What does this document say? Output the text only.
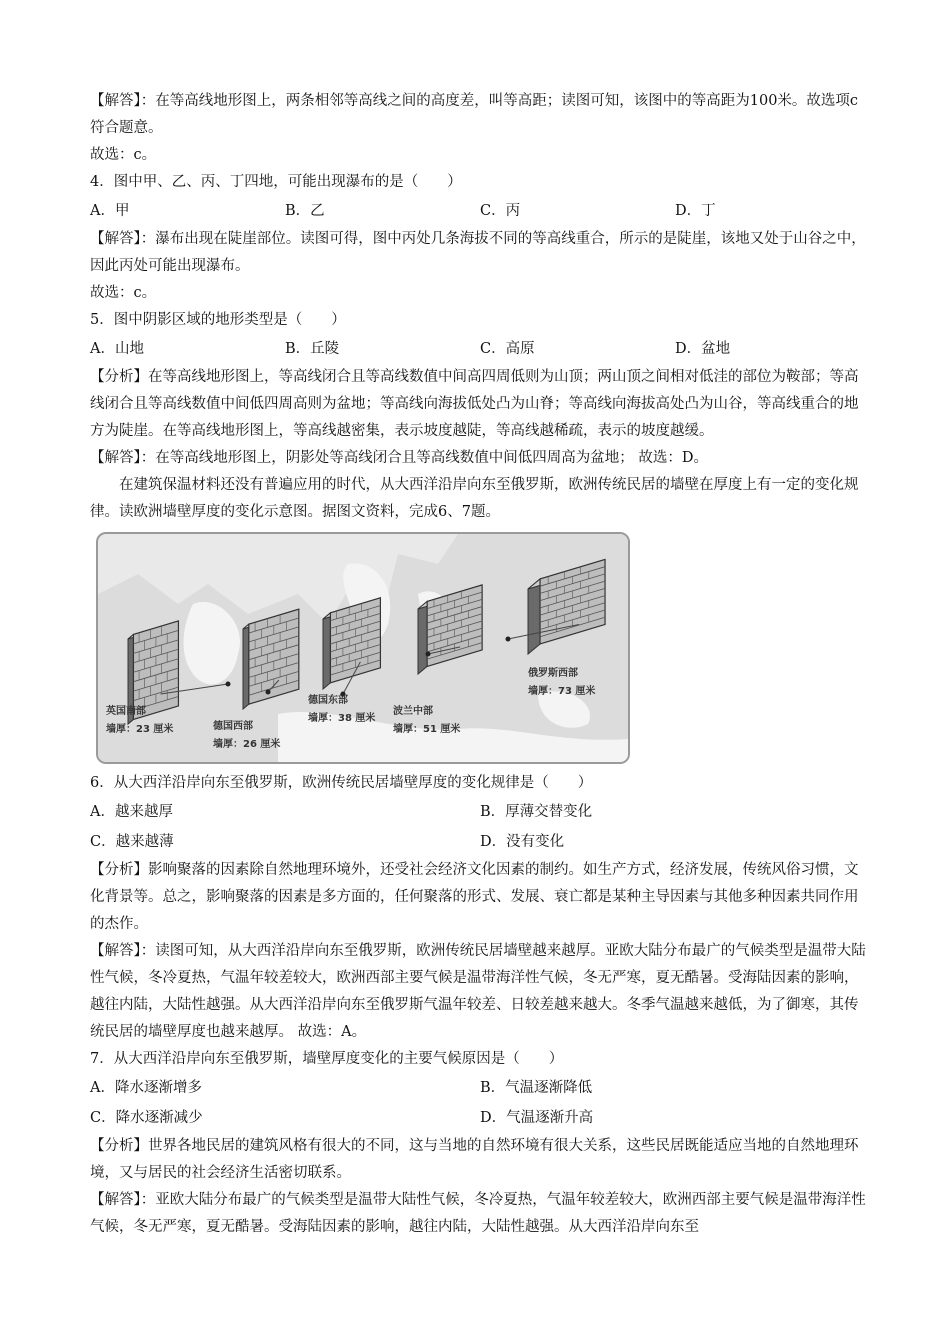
【解答】：在等高线地形图上，两条相邻等高线之间的高度差，叫等高距；读图可知，该图中的等高距为100米。故选项c符合题意。

故选：c。

4．图中甲、乙、丙、丁四地，可能出现瀑布的是（　　）

A．甲	B．乙	C．丙	D．丁

【解答】：瀑布出现在陡崖部位。读图可得，图中丙处几条海拔不同的等高线重合，所示的是陡崖，该地又处于山谷之中，因此丙处可能出现瀑布。

故选：c。

5．图中阴影区域的地形类型是（　　）

A．山地	B．丘陵	C．高原	D．盆地

【分析】在等高线地形图上，等高线闭合且等高线数值中间高四周低则为山顶；两山顶之间相对低洼的部位为鞍部；等高线闭合且等高线数值中间低四周高则为盆地；等高线向海拔低处凸为山脊；等高线向海拔高处凸为山谷，等高线重合的地方为陡崖。在等高线地形图上，等高线越密集，表示坡度越陡，等高线越稀疏，表示的坡度越缓。

【解答】：在等高线地形图上，阴影处等高线闭合且等高线数值中间低四周高为盆地； 故选：D。

在建筑保温材料还没有普遍应用的时代，从大西洋沿岸向东至俄罗斯，欧洲传统民居的墙壁在厚度上有一定的变化规律。读欧洲墙壁厚度的变化示意图。据图文资料，完成6、7题。

英国南部
墙厚：23 厘米	德国西部
墙厚：26 厘米
德国东部
墙厚：38 厘米
波兰中部
墙厚：51 厘米
俄罗斯西部
墙厚：73 厘米

6．从大西洋沿岸向东至俄罗斯，欧洲传统民居墙壁厚度的变化规律是（　　）

A．越来越厚	B．厚薄交替变化
C．越来越薄	D．没有变化

【分析】影响聚落的因素除自然地理环境外，还受社会经济文化因素的制约。如生产方式，经济发展，传统风俗习惯，文化背景等。总之，影响聚落的因素是多方面的，任何聚落的形式、发展、衰亡都是某种主导因素与其他多种因素共同作用的杰作。

【解答】：读图可知，从大西洋沿岸向东至俄罗斯，欧洲传统民居墙壁越来越厚。亚欧大陆分布最广的气候类型是温带大陆性气候，冬冷夏热，气温年较差较大，欧洲西部主要气候是温带海洋性气候，冬无严寒，夏无酷暑。受海陆因素的影响，越往内陆，大陆性越强。从大西洋沿岸向东至俄罗斯气温年较差、日较差越来越大。冬季气温越来越低，为了御寒，其传统民居的墙壁厚度也越来越厚。 故选：A。

7．从大西洋沿岸向东至俄罗斯，墙壁厚度变化的主要气候原因是（　　）

A．降水逐渐增多	B．气温逐渐降低
C．降水逐渐减少	D．气温逐渐升高

【分析】世界各地民居的建筑风格有很大的不同，这与当地的自然环境有很大关系，这些民居既能适应当地的自然地理环境，又与居民的社会经济生活密切联系。

【解答】：亚欧大陆分布最广的气候类型是温带大陆性气候，冬冷夏热，气温年较差较大，欧洲西部主要气候是温带海洋性气候，冬无严寒，夏无酷暑。受海陆因素的影响，越往内陆，大陆性越强。从大西洋沿岸向东至
